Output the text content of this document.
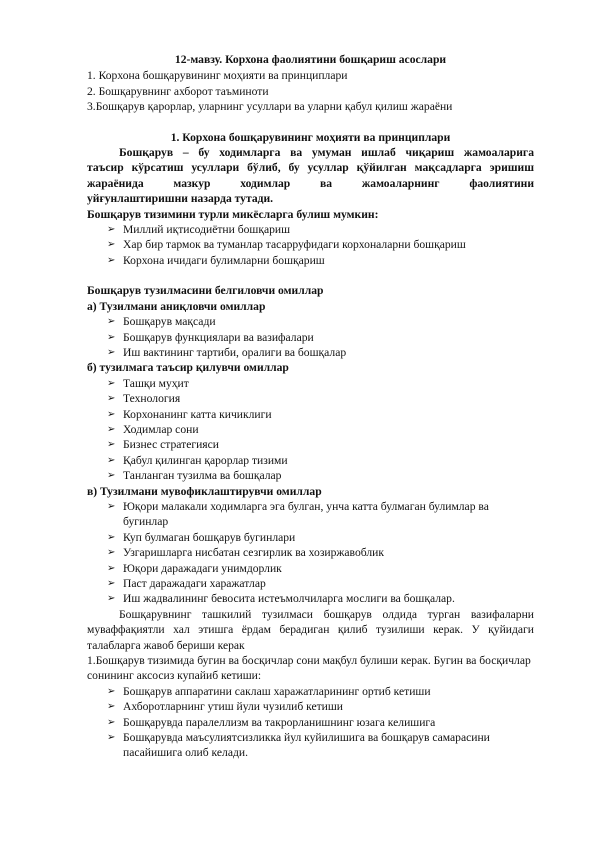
12-мавзу. Корхона фаолиятини бошқариш асослари

1. Корхона бошқарувининг моҳияти ва принциплари

2. Бошқарувнинг ахборот таъминоти

3.Бошқарув қарорлар, уларнинг усуллари ва уларни қабул қилиш жараёни

1. Корхона бошқарувининг моҳияти ва принциплари

Бошқарув – бу ходимларга ва умуман ишлаб чиқариш жамоаларига

таъсир кўрсатиш усуллари бўлиб, бу усуллар қўйилган мақсадларга эришиш

жараёнида мазкур ходимлар ва жамоаларнинг фаолиятини

уйғунлаштиришни назарда тутади.

Бошқарув тизимини турли микёсларга булиш мумкин:

➢ Миллий иқтисодиётни бошқариш
➢ Хар бир тармок ва туманлар тасарруфидаги корхоналарни бошқариш
➢ Корхона ичидаги булимларни бошқариш

Бошқарув тузилмасини белгиловчи омиллар

а) Тузилмани аниқловчи омиллар

➢ Бошқарув мақсади
➢ Бошқарув функциялари ва вазифалари
➢ Иш вактининг тартиби, оралиги ва бошқалар

б) тузилмага таъсир қилувчи омиллар

➢ Ташқи муҳит
➢ Технология
➢ Корхонанинг катта кичиклиги
➢ Ходимлар сони
➢ Бизнес стратегияси
➢ Қабул қилинган қарорлар тизими
➢ Танланган тузилма ва бошқалар

в) Тузилмани мувофиклаштирувчи омиллар

➢ Юқори малакали ходимларга эга булган, унча катта булмаган булимлар ва бугинлар
➢ Куп булмаган бошқарув бугинлари
➢ Узгаришларга нисбатан сезгирлик ва хозиржавоблик
➢ Юқори даражадаги унимдорлик
➢ Паст даражадаги харажатлар
➢ Иш жадвалининг бевосита истеъмолчиларга мослиги ва бошқалар.

Бошқарувнинг ташкилий тузилмаси бошқарув олдида турган вазифаларни муваффақиятли хал этишга ёрдам берадиган қилиб тузилиши керак. У қуйидаги талабларга жавоб бериши керак

1.Бошқарув тизимида бугин ва босқичлар сони мақбул булиши керак. Бугин ва босқичлар сонининг аксосиз купайиб кетиши:

➢ Бошқарув аппаратини саклаш харажатларининг ортиб кетиши
➢ Ахборотларнинг утиш йули чузилиб кетиши
➢ Бошқарувда паралеллизм ва такрорланишнинг юзага келишига
➢ Бошқарувда маъсулиятсизликка йул куйилишига ва бошқарув самарасини пасайишига олиб келади.
